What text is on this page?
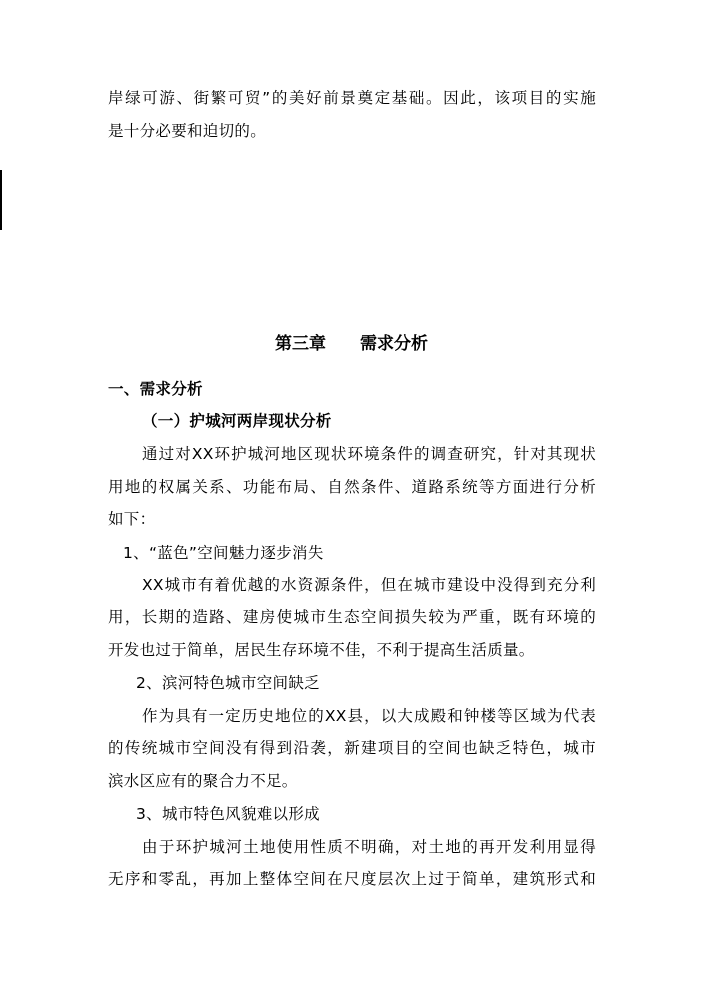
岸绿可游、街繁可贸”的美好前景奠定基础。因此，该项目的实施
是十分必要和迫切的。
第三章　　需求分析
一、需求分析
（一）护城河两岸现状分析
通过对XX环护城河地区现状环境条件的调查研究，针对其现状
用地的权属关系、功能布局、自然条件、道路系统等方面进行分析
如下：
1、“蓝色”空间魅力逐步消失
XX城市有着优越的水资源条件，但在城市建设中没得到充分利
用，长期的造路、建房使城市生态空间损失较为严重，既有环境的
开发也过于简单，居民生存环境不佳，不利于提高生活质量。
2、滨河特色城市空间缺乏
作为具有一定历史地位的XX县，以大成殿和钟楼等区域为代表
的传统城市空间没有得到沿袭，新建项目的空间也缺乏特色，城市
滨水区应有的聚合力不足。
3、城市特色风貌难以形成
由于环护城河土地使用性质不明确，对土地的再开发利用显得
无序和零乱，再加上整体空间在尺度层次上过于简单，建筑形式和
